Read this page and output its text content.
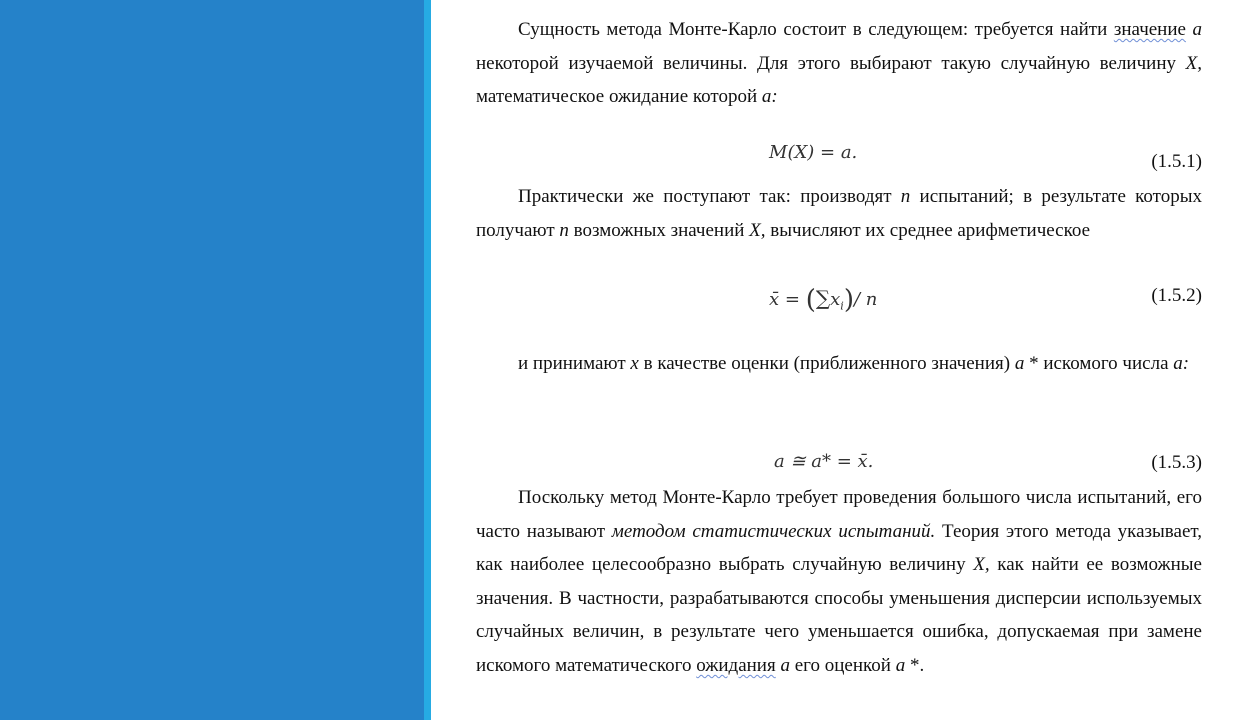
Сущность метода Монте-Карло состоит в следующем: требуется найти значение a некоторой изучаемой величины. Для этого выбирают такую случайную величину X, математическое ожидание которой a:

M(X) = a.	(1.5.1)

Практически же поступают так: производят n испытаний; в результате которых получают n возможных значений X, вычисляют их среднее арифметическое

x̄ = $(\sum x_i)/$ n	(1.5.2)

и принимают x в качестве оценки (приближенного значения) a * искомого числа a:

a ≅ a* = x̄.	(1.5.3)

Поскольку метод Монте-Карло требует проведения большого числа испытаний, его часто называют методом статистических испытаний. Теория этого метода указывает, как наиболее целесообразно выбрать случайную величину X, как найти ее возможные значения. В частности, разрабатываются способы уменьшения дисперсии используемых случайных величин, в результате чего уменьшается ошибка, допускаемая при замене искомого математического ожидания a его оценкой a *.
